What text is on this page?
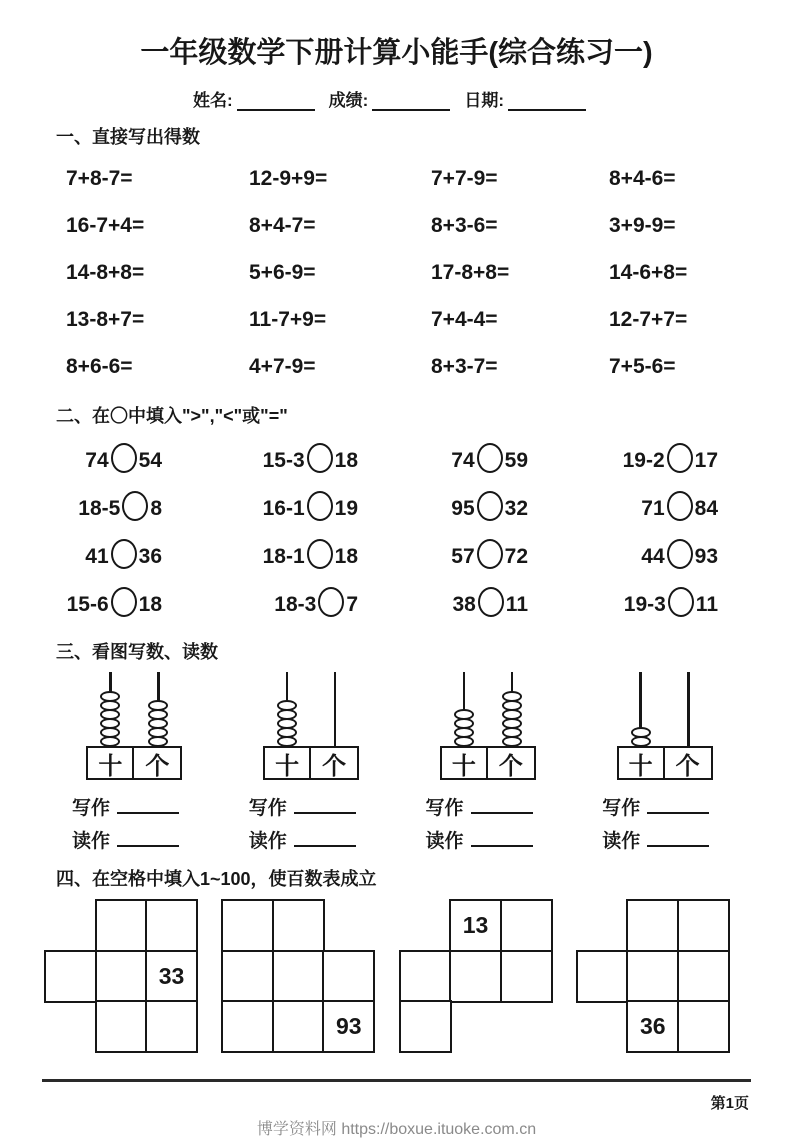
一年级数学下册计算小能手(综合练习一)
姓名:	成绩:	日期:
一、直接写出得数
7+8-7=	12-9+9=	7+7-9=	8+4-6=
16-7+4=	8+4-7=	8+3-6=	3+9-9=
14-8+8=	5+6-9=	17-8+8=	14-6+8=
13-8+7=	11-7+9=	7+4-4=	12-7+7=
8+6-6=	4+7-9=	8+3-7=	7+5-6=
二、在〇中填入">","<"或"="
74 54	15-3 18	74 59	19-2 17
18-5 8	16-1 19	95 32	71 84
41 36	18-1 18	57 72	44 93
15-6 18	18-3 7	38 11	19-3 11
三、看图写数、读数
十 个
写作
读作
十 个
写作
读作
十 个
写作
读作
十 个
写作
读作
四、在空格中填入1~100，使百数表成立
33
93
13
36
第1页
博学资料网 https://boxue.ituoke.com.cn
